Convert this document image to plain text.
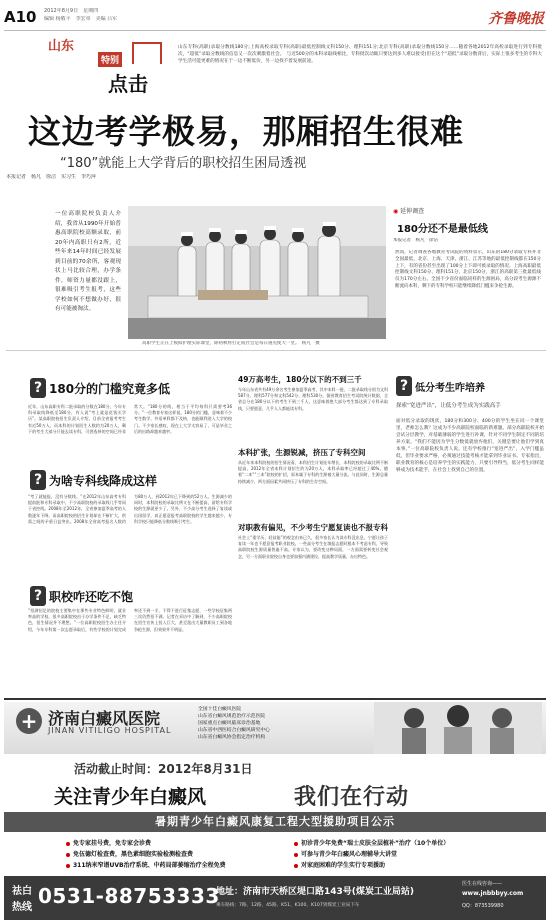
A10 2012年8月9日　星期四
编辑 杨敬平　李宏章　美编 吕军	齐鲁晚报
山东
特别
点击
山东专科(高职)录取分数线180分;上海高校录取专科(高职)最低控制线文科150分、理科151分;北京专科(高职)录取分数线150分……随着各地2012年高校录取进行到专科批次，“超低”录取分数线的信息又一次次刺激着社会。　与近500分的本科录取线相比，专科批次动辄只要达到多人难以接受(但在这个“超低”录取分数背后，实际上很多考生的专科大学生活可能更难的情况在于一边不断低价，另一边找不着发展前途。
这边考学极易，那厢招生很难
“180”就能上大学背后的职校招生困局透视
本报记者　杨凡　徐洁　实习生　李巧萍
一位高职院校负责人介绍，我省从1990年开始普惠高职院校高额录取，前20年内高职只有2所，近些年来14年时间已经发展到目前的70余所，客观现状上马比较合理，办学条件，师资力量都没跟上，很难吸引考生报考，这些学校如何不想做办好，很有可能被淘汰。
高职学生正在上模拟护理实际课堂，除初秋将打定成社会是每日遇见使大一堂。　杨凡　摄
◉ 延伸调查
180分还不是最低线
本报记者　杨凡　徐洁
然而，记者调查各地教育考试院的资料显示，山东的180分录取专科并非全国最低，北京、上海、天津、浙江、江苏等地的最低控制线都在150分上下，有的省份甚至出现了100分上下即可被录取的情况。上海高职最低控制线文科150分、理科151分，北京150分，浙江的高职第三批最低线仅为170分左右。全国不少省份面临同样的生源困局，高分段考生源源不断流向本科，剩下的专科学校只能继续降低门槛来争抢生源。
? 180分的门槛究竟多低
近年，山东高职专科二批录取的分数在180分，今年专科录取线降低至180分，有人说“考上就是花钱买学历”。某高职院校招生负责人介绍，目前全省报考考生有近50万人，而本科的计划招生人数约为20万人，剩下的考生大部分只能去读专科，可供选择的空间已经非常大。“180分的线，相当于平均每科只需要考36分。”一位教育专家这样说。180分的门槛，意味着不少考生数学、外语单科都不及格，也能顺利进入大学的校门。不少家长感叹，现在上大学太容易了，可是毕业之后的出路却越来越窄。
? 为啥专科线降成这样
“考了就能报，没有分数线。”在2012年山东高考专科提前批和专科录取中，不少高职院校的录取线几乎等同于省控线。2008年至2012年，全省参加夏季高考的人数逐年下降，而高职院校的招生计划却在不断扩大，供需之间的矛盾日益突出。2008年全省高考报名人数约为80万人，到2012年已下降到约52万人。生源减少的同时，本科院校的录取比例又在不断提高，留给专科学校的生源就更少了。另外，不少高分考生选择了复读或出国留学，真正愿意报考高职院校的学生越来越少，专科学校只能降低分数线吸引考生。
? 职校咋还吃不饱
“招满招足的院校主要集中在那些专业特色鲜明，就业率高的学校，很多高职院校由于办学条件不足，缺乏特色，招生情况并不理想。”一位高职院校招生办主任介绍，今年专科第一次志愿录取后，有些学校的计划完成率还不到一半，不得不进行征集志愿，一些学校征集两三次仍然招不满。记者在采访中了解到，不少高职院校在招生宣传上投入巨大，甚至派出大量教职员工到各地争抢生源，但效果并不明显。
49万高考生，180分以下的不到三千
今年山东省共有49万余名考生参加夏季高考，其中本科一批、二批录取线分别为文科587分、理科577分和文科542分、理科530分。据省教育招生考试院统计数据，全省总分在180分以下的考生不到三千人，这意味着绝大部分考生都达到了专科录取线，只要愿意，几乎人人都能读专科。
本科扩张，生源锐减，挤压了专科空间
从近年来本科院校的招生情况看，本科招生计划连年增长，本科院校的录取比例不断提高，2012年全省本科计划招生约为20万人，本科录取率已经超过了40%。随着“二本”“三本”院校的扩招，原本属于专科的生源被大量分流。与此同时，生源总量持续减少，两方面因素共同挤压了专科的生存空间。
对职教有偏见，不少考生宁愿复读也不报专科
社会上“重学历、轻技能”的观念由来已久，很多家长认为读专科没出息，宁愿让孩子复读一年也不愿意报考职业院校。一些高分考生在填报志愿时根本不考虑专科，导致高职院校生源质量普遍不高。专家认为，要改变这种局面，一方面需要转变社会观念，另一方面职业院校自身也要加强内涵建设，提高教学质量，办出特色。
? 低分考生咋培养
探索“宽进严出”，让低分考生成为实践高手
面对低分录取的现状，180分和300分、400分的学生坐在同一个课堂里，老师怎么教？这成为不少高职院校面临的新难题。部分高职院校开始尝试分层教学，对基础薄弱的学生进行补课，针对不同学生制定不同的培养方案。“我们不能因为学生分数低就放弃他们，关键是要让他们学到真本事。”一位高职院校负责人说。还有学校推行“宽进严出”，入学门槛虽低，但毕业要求严格，必须通过技能考核才能拿到毕业证书。专家指出，职业教育的核心是培养学生的实践能力，只要引导得当，低分考生同样能够成为技术能手，在社会上找到自己的位置。
+ 济南白癜风医院
JINAN VITILIGO HOSPITAL
全国十佳白癜风医院
山东省白癜风规范治疗示范医院
国家重点白癜风临床诊治基地
山东省中西医结合白癜风研究中心
山东省白癜风协会指定治疗机构
活动截止时间：2012年8月31日
关注青少年白癜风	我们在行动
暑期青少年白癜风康复工程大型援助项目公示
免专家挂号费，免专家会诊费
免伍德灯检查费，黑色素细胞实验检测检查费
311纳米窄谱UVB治疗系统、中药局部萎缩治疗全程免费
初诊青少年免费“瑞士皮肤全层植补”治疗（10个单位）
可参与青少年白癜风心理辅导大讲堂
对家庭困难的学生实行专项援助
祛白
热线 0531-88753333
地址：济南市天桥区堤口路143号(煤炭工业局站)
乘车路线：7路、12路、45路、K51、K100、K107到煤炭工业局下车
医生在线咨询——
www.jnbbbyy.com
QQ：873539980
